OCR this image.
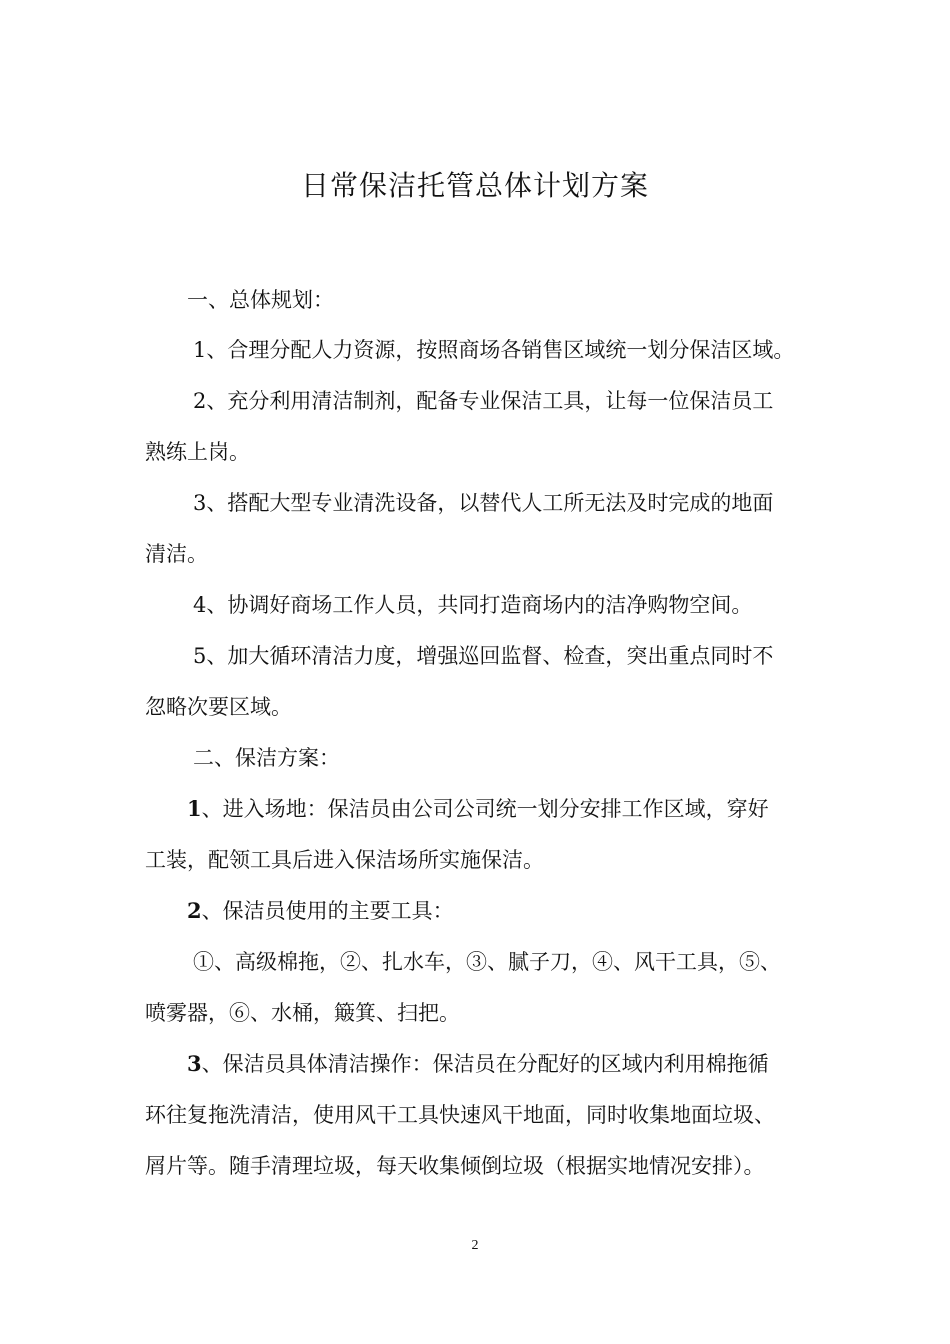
日常保洁托管总体计划方案
一、总体规划：
1、合理分配人力资源，按照商场各销售区域统一划分保洁区域。
2、充分利用清洁制剂，配备专业保洁工具，让每一位保洁员工
熟练上岗。
3、搭配大型专业清洗设备，以替代人工所无法及时完成的地面
清洁。
4、协调好商场工作人员，共同打造商场内的洁净购物空间。
5、加大循环清洁力度，增强巡回监督、检查，突出重点同时不
忽略次要区域。
二、保洁方案：
1、进入场地：保洁员由公司公司统一划分安排工作区域，穿好
工装，配领工具后进入保洁场所实施保洁。
2、保洁员使用的主要工具：
①、高级棉拖，②、扎水车，③、腻子刀，④、风干工具，⑤、
喷雾器，⑥、水桶，簸箕、扫把。
3、保洁员具体清洁操作：保洁员在分配好的区域内利用棉拖循
环往复拖洗清洁，使用风干工具快速风干地面，同时收集地面垃圾、
屑片等。随手清理垃圾，每天收集倾倒垃圾（根据实地情况安排）。
2
